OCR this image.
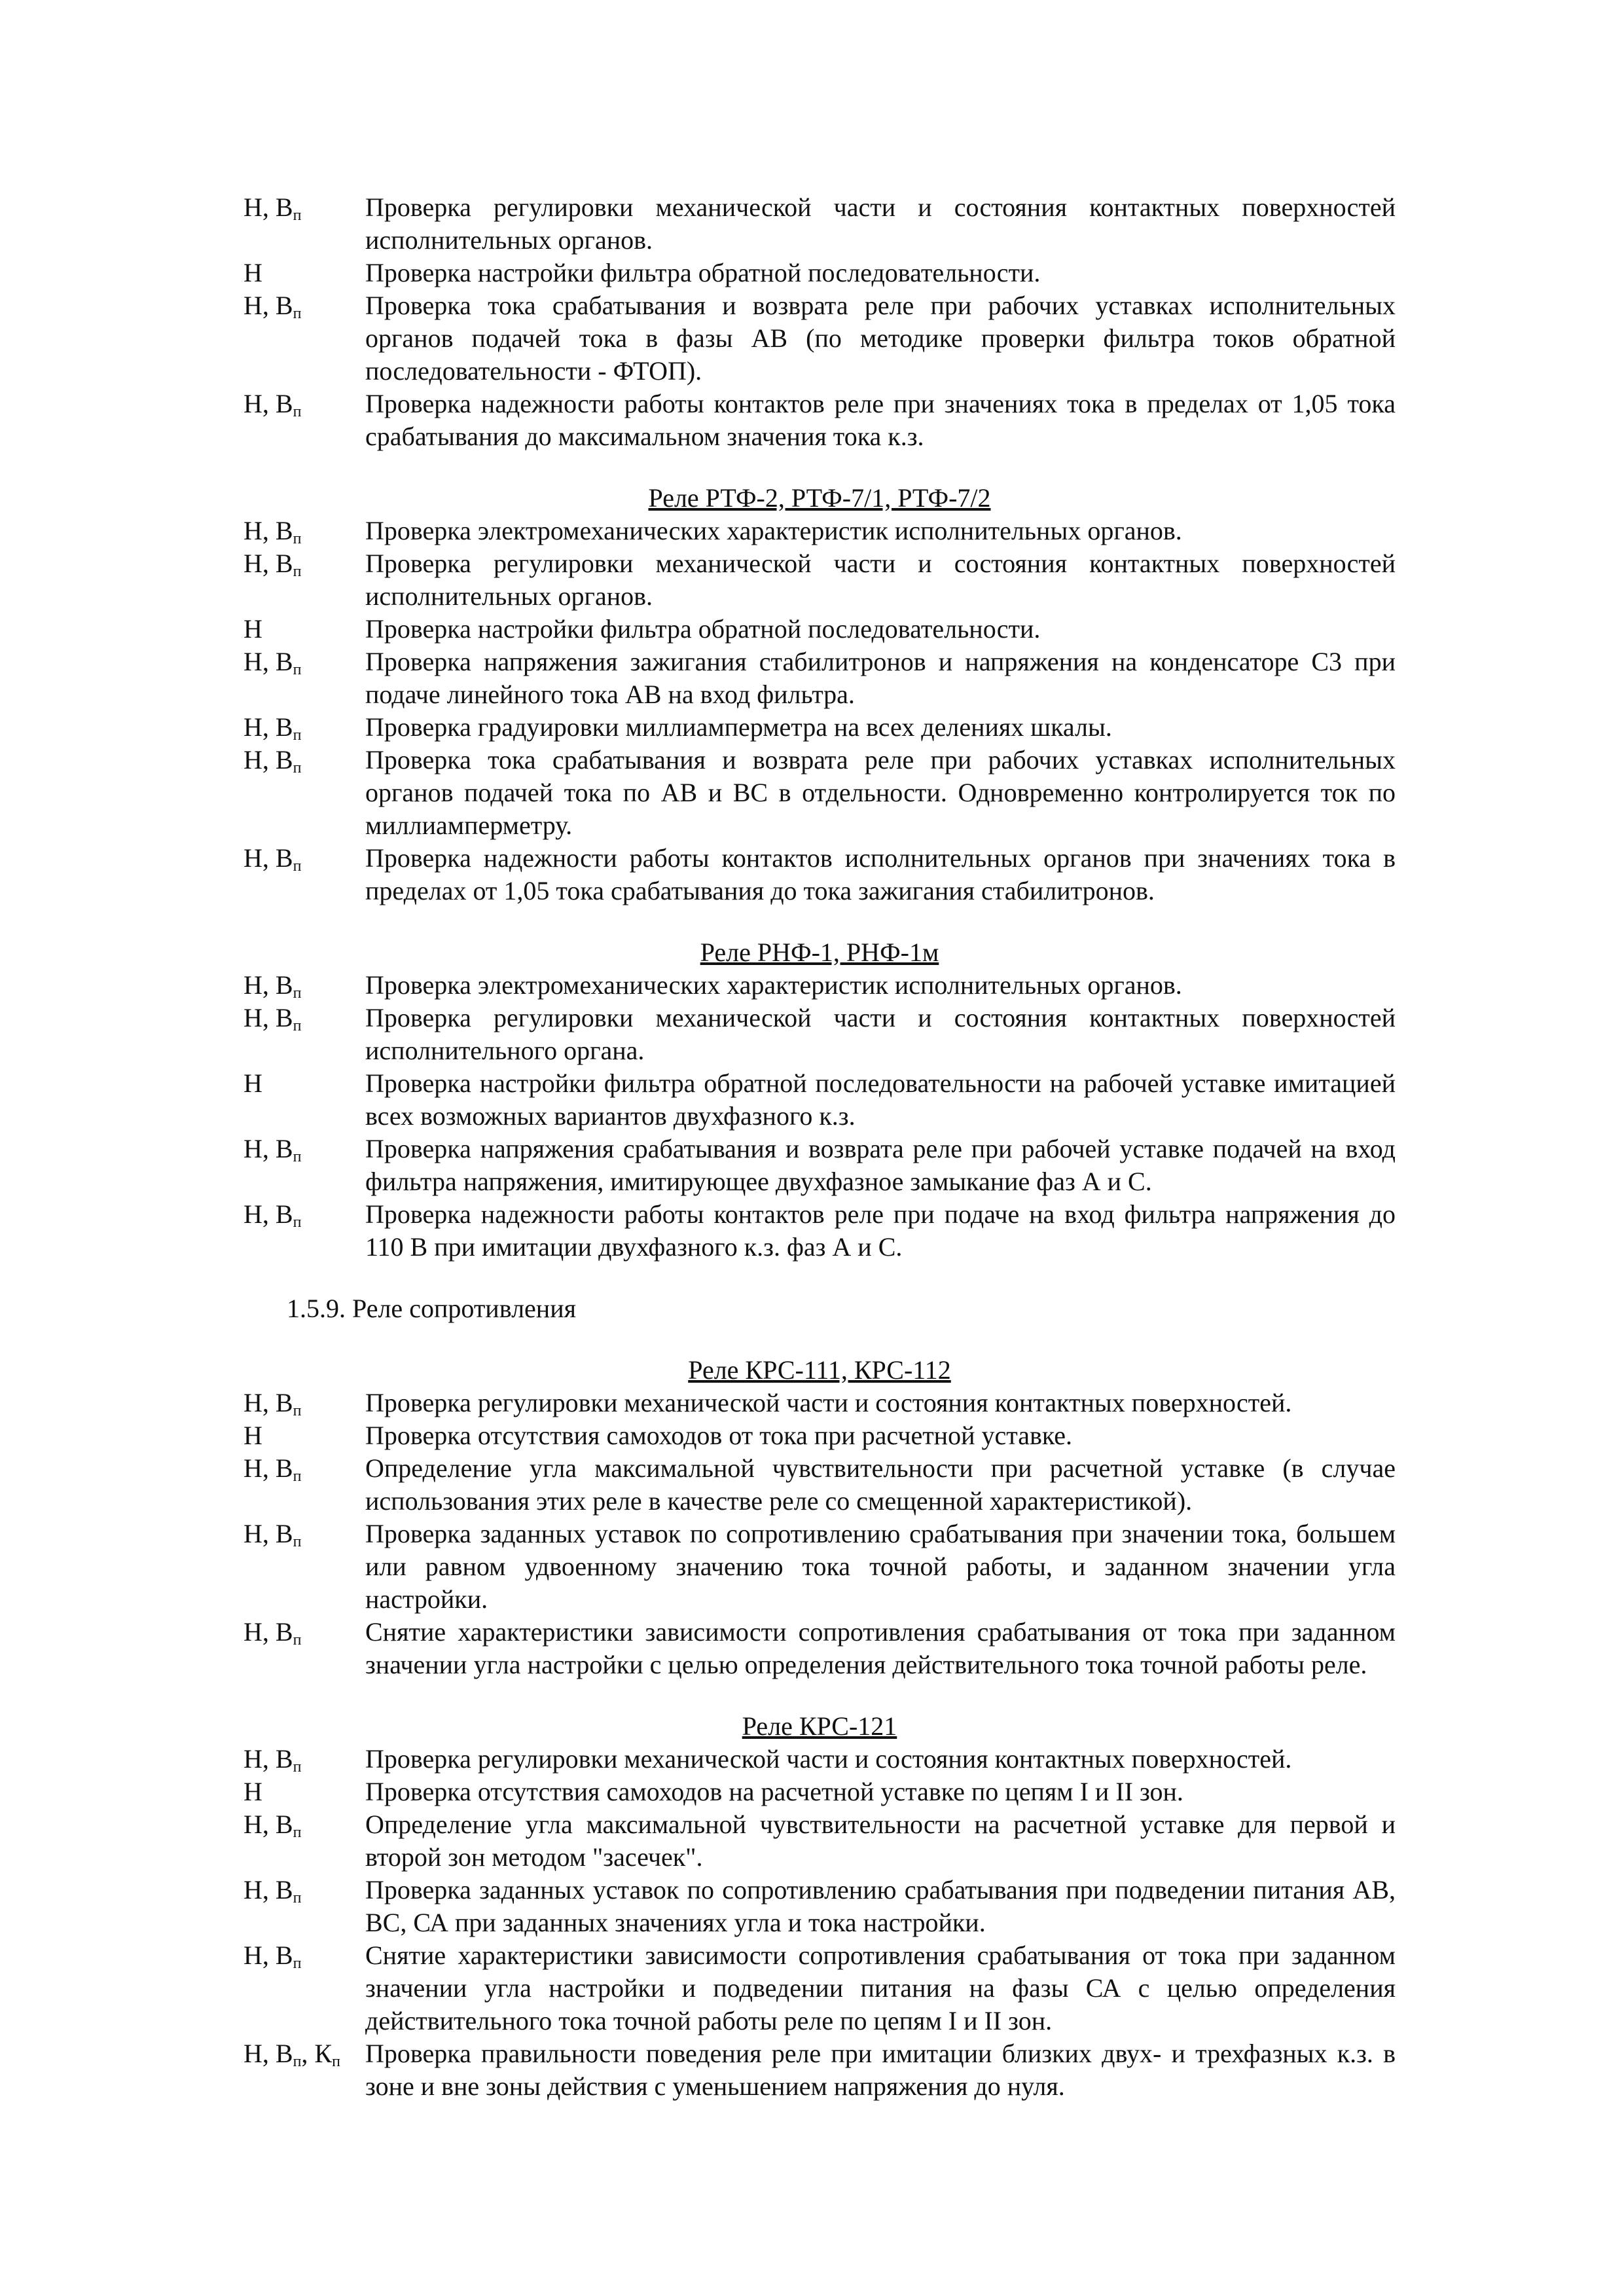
Н, $В_п$	Проверка регулировки механической части и состояния контактных поверхностей исполнительных органов.
Н	Проверка настройки фильтра обратной последовательности.
Н, $В_п$	Проверка тока срабатывания и возврата реле при рабочих уставках исполнительных органов подачей тока в фазы АВ (по методике проверки фильтра токов обратной последовательности - ФТОП).
Н, $В_п$	Проверка надежности работы контактов реле при значениях тока в пределах от 1,05 тока срабатывания до максимальном значения тока к.з.
Реле РТФ-2, РТФ-7/1, РТФ-7/2
Н, $В_п$	Проверка электромеханических характеристик исполнительных органов.
Н, $В_п$	Проверка регулировки механической части и состояния контактных поверхностей исполнительных органов.
Н	Проверка настройки фильтра обратной последовательности.
Н, $В_п$	Проверка напряжения зажигания стабилитронов и напряжения на конденсаторе С3 при подаче линейного тока АВ на вход фильтра.
Н, $В_п$	Проверка градуировки миллиамперметра на всех делениях шкалы.
Н, $В_п$	Проверка тока срабатывания и возврата реле при рабочих уставках исполнительных органов подачей тока по АВ и ВС в отдельности. Одновременно контролируется ток по миллиамперметру.
Н, $В_п$	Проверка надежности работы контактов исполнительных органов при значениях тока в пределах от 1,05 тока срабатывания до тока зажигания стабилитронов.
Реле РНФ-1, РНФ-1м
Н, $В_п$	Проверка электромеханических характеристик исполнительных органов.
Н, $В_п$	Проверка регулировки механической части и состояния контактных поверхностей исполнительного органа.
Н	Проверка настройки фильтра обратной последовательности на рабочей уставке имитацией всех возможных вариантов двухфазного к.з.
Н, $В_п$	Проверка напряжения срабатывания и возврата реле при рабочей уставке подачей на вход фильтра напряжения, имитирующее двухфазное замыкание фаз А и С.
Н, $В_п$	Проверка надежности работы контактов реле при подаче на вход фильтра напряжения до 110 В при имитации двухфазного к.з. фаз А и С.
1.5.9. Реле сопротивления
Реле КРС-111, КРС-112
Н, $В_п$	Проверка регулировки механической части и состояния контактных поверхностей.
Н	Проверка отсутствия самоходов от тока при расчетной уставке.
Н, $В_п$	Определение угла максимальной чувствительности при расчетной уставке (в случае использования этих реле в качестве реле со смещенной характеристикой).
Н, $В_п$	Проверка заданных уставок по сопротивлению срабатывания при значении тока, большем или равном удвоенному значению тока точной работы, и заданном значении угла настройки.
Н, $В_п$	Снятие характеристики зависимости сопротивления срабатывания от тока при заданном значении угла настройки с целью определения действительного тока точной работы реле.
Реле КРС-121
Н, $В_п$	Проверка регулировки механической части и состояния контактных поверхностей.
Н	Проверка отсутствия самоходов на расчетной уставке по цепям I и II зон.
Н, $В_п$	Определение угла максимальной чувствительности на расчетной уставке для первой и второй зон методом "засечек".
Н, $В_п$	Проверка заданных уставок по сопротивлению срабатывания при подведении питания АВ, ВС, СА при заданных значениях угла и тока настройки.
Н, $В_п$	Снятие характеристики зависимости сопротивления срабатывания от тока при заданном значении угла настройки и подведении питания на фазы СА с целью определения действительного тока точной работы реле по цепям I и II зон.
Н, $В_п$, $К_п$ Проверка правильности поведения реле при имитации близких двух- и трехфазных к.з. в зоне и вне зоны действия с уменьшением напряжения до нуля.
